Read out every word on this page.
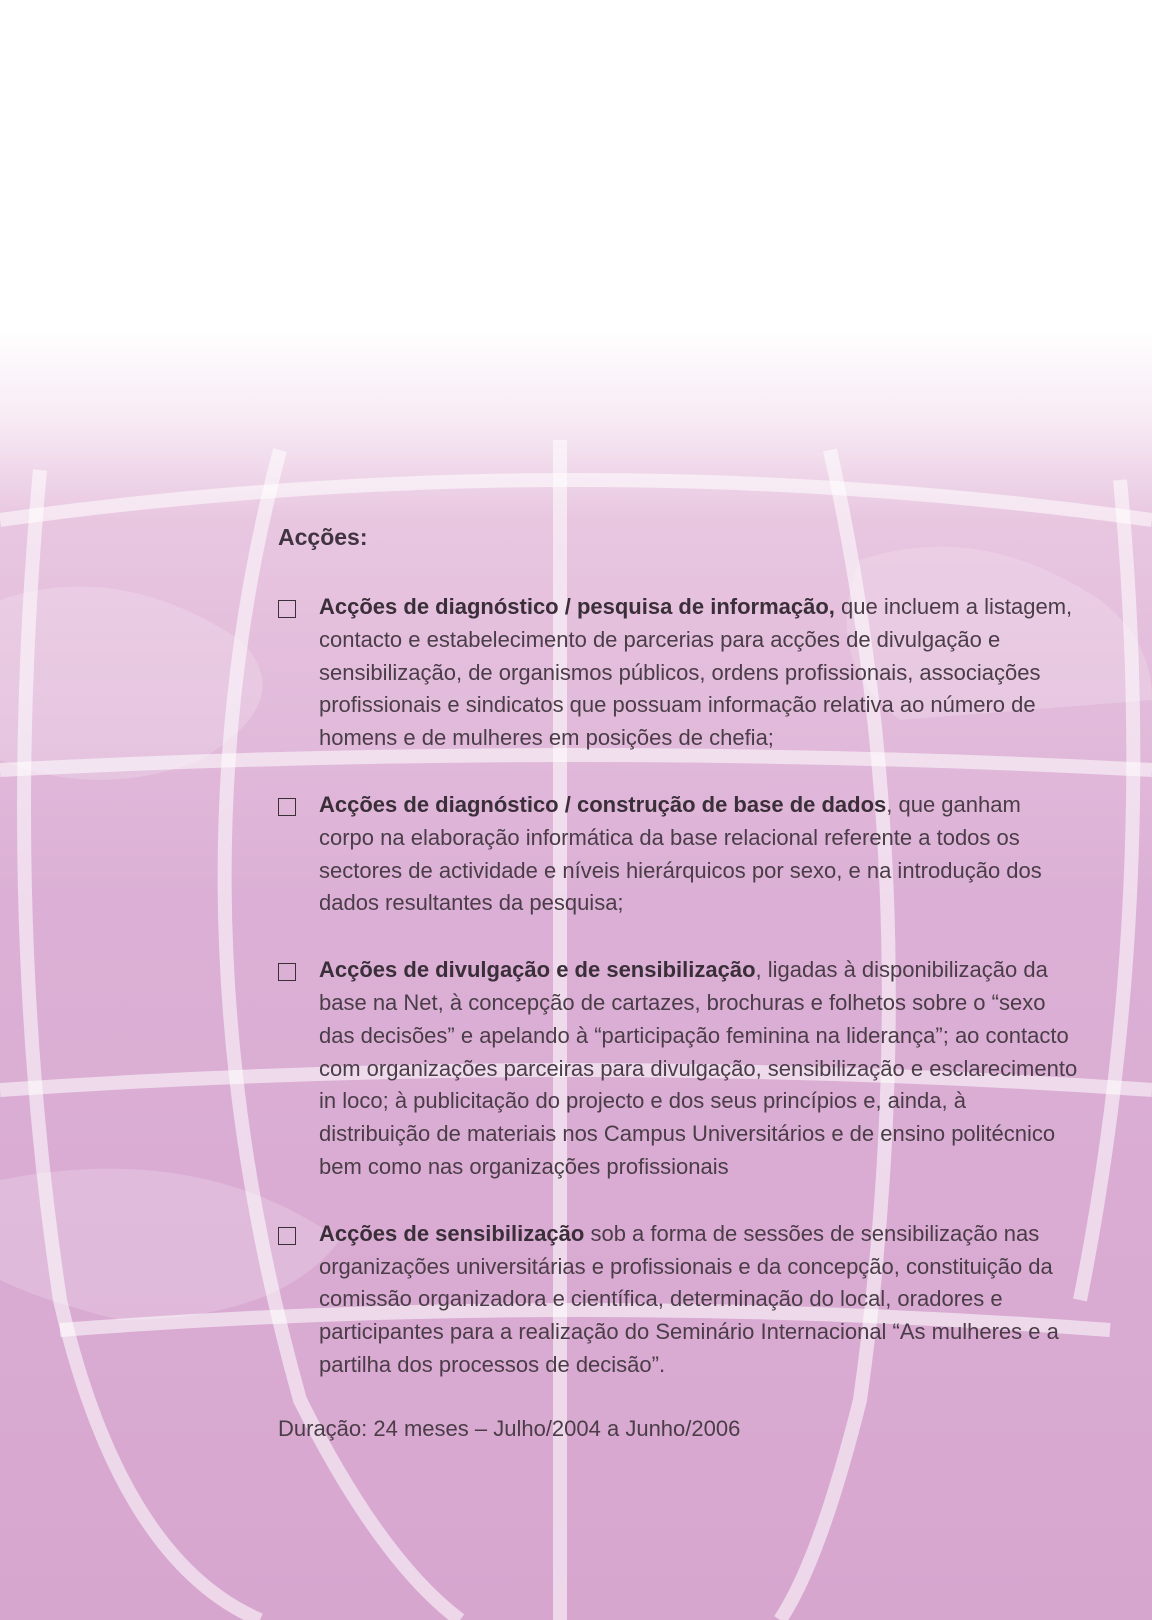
Acções:
Acções de diagnóstico / pesquisa de informação, que incluem a listagem, contacto e estabelecimento de parcerias para acções de divulgação e sensibilização, de organismos públicos, ordens profissionais, associações profissionais e sindicatos que possuam informação relativa ao número de homens e de mulheres em posições de chefia;
Acções de diagnóstico / construção de base de dados, que ganham corpo na elaboração informática da base relacional referente a todos os sectores de actividade e níveis hierárquicos por sexo, e na introdução dos dados resultantes da pesquisa;
Acções de divulgação e de sensibilização, ligadas à disponibilização da base na Net, à concepção de cartazes, brochuras e folhetos sobre o “sexo das decisões” e apelando à “participação feminina na liderança”; ao contacto com organizações parceiras para divulgação, sensibilização e esclarecimento in loco; à publicitação do projecto e dos seus princípios e, ainda, à distribuição de materiais nos Campus Universitários e de ensino politécnico bem como nas organizações profissionais
Acções de sensibilização sob a forma de sessões de sensibilização nas organizações universitárias e profissionais e da concepção, constituição da comissão organizadora e científica, determinação do local, oradores e participantes para a realização do Seminário Internacional “As mulheres e a partilha dos processos de decisão”.
Duração: 24 meses – Julho/2004 a Junho/2006
